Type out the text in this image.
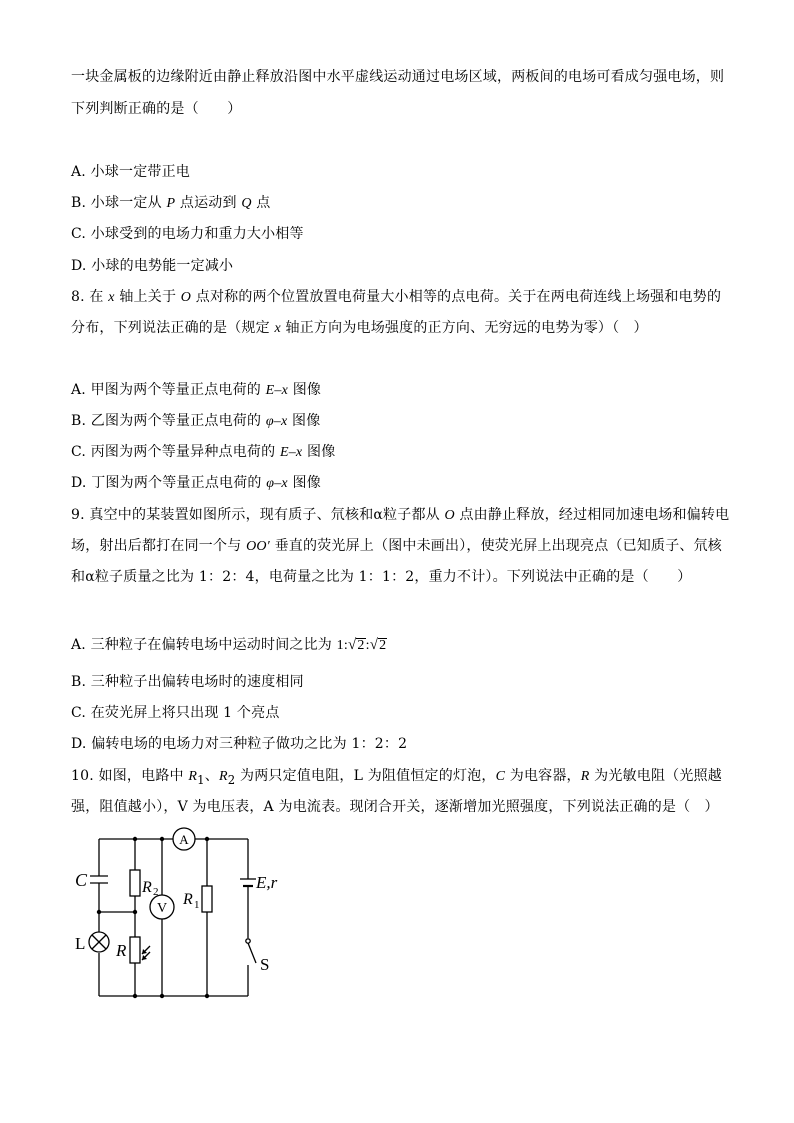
一块金属板的边缘附近由静止释放沿图中水平虚线运动通过电场区域，两板间的电场可看成匀强电场，则
下列判断正确的是（　　）
A. 小球一定带正电
B. 小球一定从 P 点运动到 Q 点
C. 小球受到的电场力和重力大小相等
D. 小球的电势能一定减小
8. 在 x 轴上关于 O 点对称的两个位置放置电荷量大小相等的点电荷。关于在两电荷连线上场强和电势的
分布，下列说法正确的是（规定 x 轴正方向为电场强度的正方向、无穷远的电势为零）（　）
A. 甲图为两个等量正点电荷的 E–x 图像
B. 乙图为两个等量正点电荷的 φ–x 图像
C. 丙图为两个等量异种点电荷的 E–x 图像
D. 丁图为两个等量正点电荷的 φ–x 图像
9. 真空中的某装置如图所示，现有质子、氘核和α粒子都从 O 点由静止释放，经过相同加速电场和偏转电
场，射出后都打在同一个与 OO′ 垂直的荧光屏上（图中未画出），使荧光屏上出现亮点（已知质子、氘核
和α粒子质量之比为 1：2：4，电荷量之比为 1：1：2，重力不计）。下列说法中正确的是（　　）
A. 三种粒子在偏转电场中运动时间之比为 1:√2:√2
B. 三种粒子出偏转电场时的速度相同
C. 在荧光屏上将只出现 1 个亮点
D. 偏转电场的电场力对三种粒子做功之比为 1：2：2
10. 如图，电路中 $R_1$、$R_2$ 为两只定值电阻，L 为阻值恒定的灯泡，C 为电容器，R 为光敏电阻（光照越
强，阻值越小），V 为电压表，A 为电流表。现闭合开关，逐渐增加光照强度，下列说法正确的是（　）
C	R 2
V
R 1
A
E,r
L R
S
